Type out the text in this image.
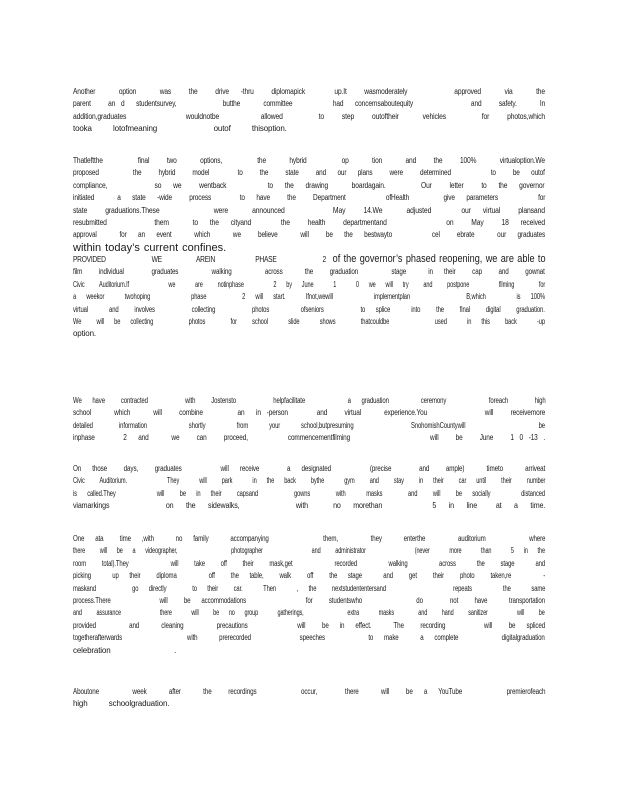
Another    option    was   the   drive  -thru   diplomapick     up.It   wasmoderately        approved    via    the
parent   an d  studentsurvey,        butthe    committee       had  concernsaboutequity          and   safety.    In
addition,graduates          wouldnotbe       allowed      to   step   outoftheir    vehicles      for   photos,which
tooka   lotofmeaning        outof   thisoption.
Thatleftthe      final   two    options,      the    hybrid      op    tion    and   the   100%    virtualoption.We
proposed      the   hybrid   model     to   the   state   and  our  plans   were   determined       to   be  outof
compliance,        so  we   wentback       to  the  drawing    boardagain.      Our   letter   to  the  governor
initiated    a  state  -wide   process     to  have   the   Department       ofHealth      give  parameters       for
state   graduations.These         were    announced        May   14.We    adjusted     our  virtual   plansand
resubmitted        them    to  the  cityand     the   health   departmentand          on   May   18  received
approval    for  an  event    which    we   believe    will   be  the  bestwayto       cel   ebrate    our  graduates
within today’s current confines.
PROVIDED        WE      AREIN       PHASE        2  of the governor’s phased reopening, we are able to
film   individual     graduates      walking      across    the   graduation      stage    in  their   cap   and   gownat
Civic   Auditorium.If        we    are   notinphase      2  by  June    1    0  we  will  try   and   postpone      filming     for
a  weekor    twohoping        phase       2  will  start.    Ifnot,wewill        implementplan           B,which      is  100%
virtual    and   involves       collecting       photos      ofseniors       to  splice    into   the   final   digital   graduation.
We   will  be  collecting       photos     for   school    slide    shows     thatcouldbe         used    in  this   back    -up
option.
We  have   contracted       with   Jostensto       helpfacilitate        a  graduation      ceremony        foreach     high
school    which    will   combine      an  in -person     and   virtual    experience.You          will   receivemore
detailed     information        shortly      from    your    school,butpresuming           SnohomishCountywill              be
inphase     2  and    we   can   proceed,       commencementfilming              will   be   June   1 0 -13 .
On  those   days,   graduates       will  receive     a  designated       (precise     and   ample)    timeto    arriveat
Civic   Auditorium.        They    will   park    in  the  back   bythe    gym   and   stay   in  their   car  until   their   number
is  called.They        will   be  in  their   capsand       gowns     with    masks     and   will   be  socially      distanced
viamarkings         on  the  sidewalks,         with    no  morethan        5  in  line   at  a  time.
One  ata   time  ,with    no  family    accompanying          them,      they    enterthe      auditorium        where
there   will  be  a  videographer,           photographer          and   administrator          (never    more    than    5  in  the
room   total).They        will   take   off   their   mask,get        recorded      walking      across    the   stage    and
picking    up  their   diploma      off   the  table,   walk   off   the  stage    and   get   their   photo   taken,re      -
maskand       go  directly     to  their   car.    Then    ,  the   nextstudententersand             repeats      the    same
process.There         will   be  accommodations           for   studentswho          do     not   have    transportation
and   assurance        there    will   be  no  group    gatherings,         extra    masks     and   hand   sanitizer      will   be
provided      and    cleaning      precautions         will   be  in  effect.    The   recording       will   be  spliced
togetherafterwards            with    prerecorded         speeches        to  make    a  complete        digitalgraduation
celebration         .
Aboutone      week    after    the   recordings        occur,     there    will   be  a  YouTube        premierofeach
high   schoolgraduation.
